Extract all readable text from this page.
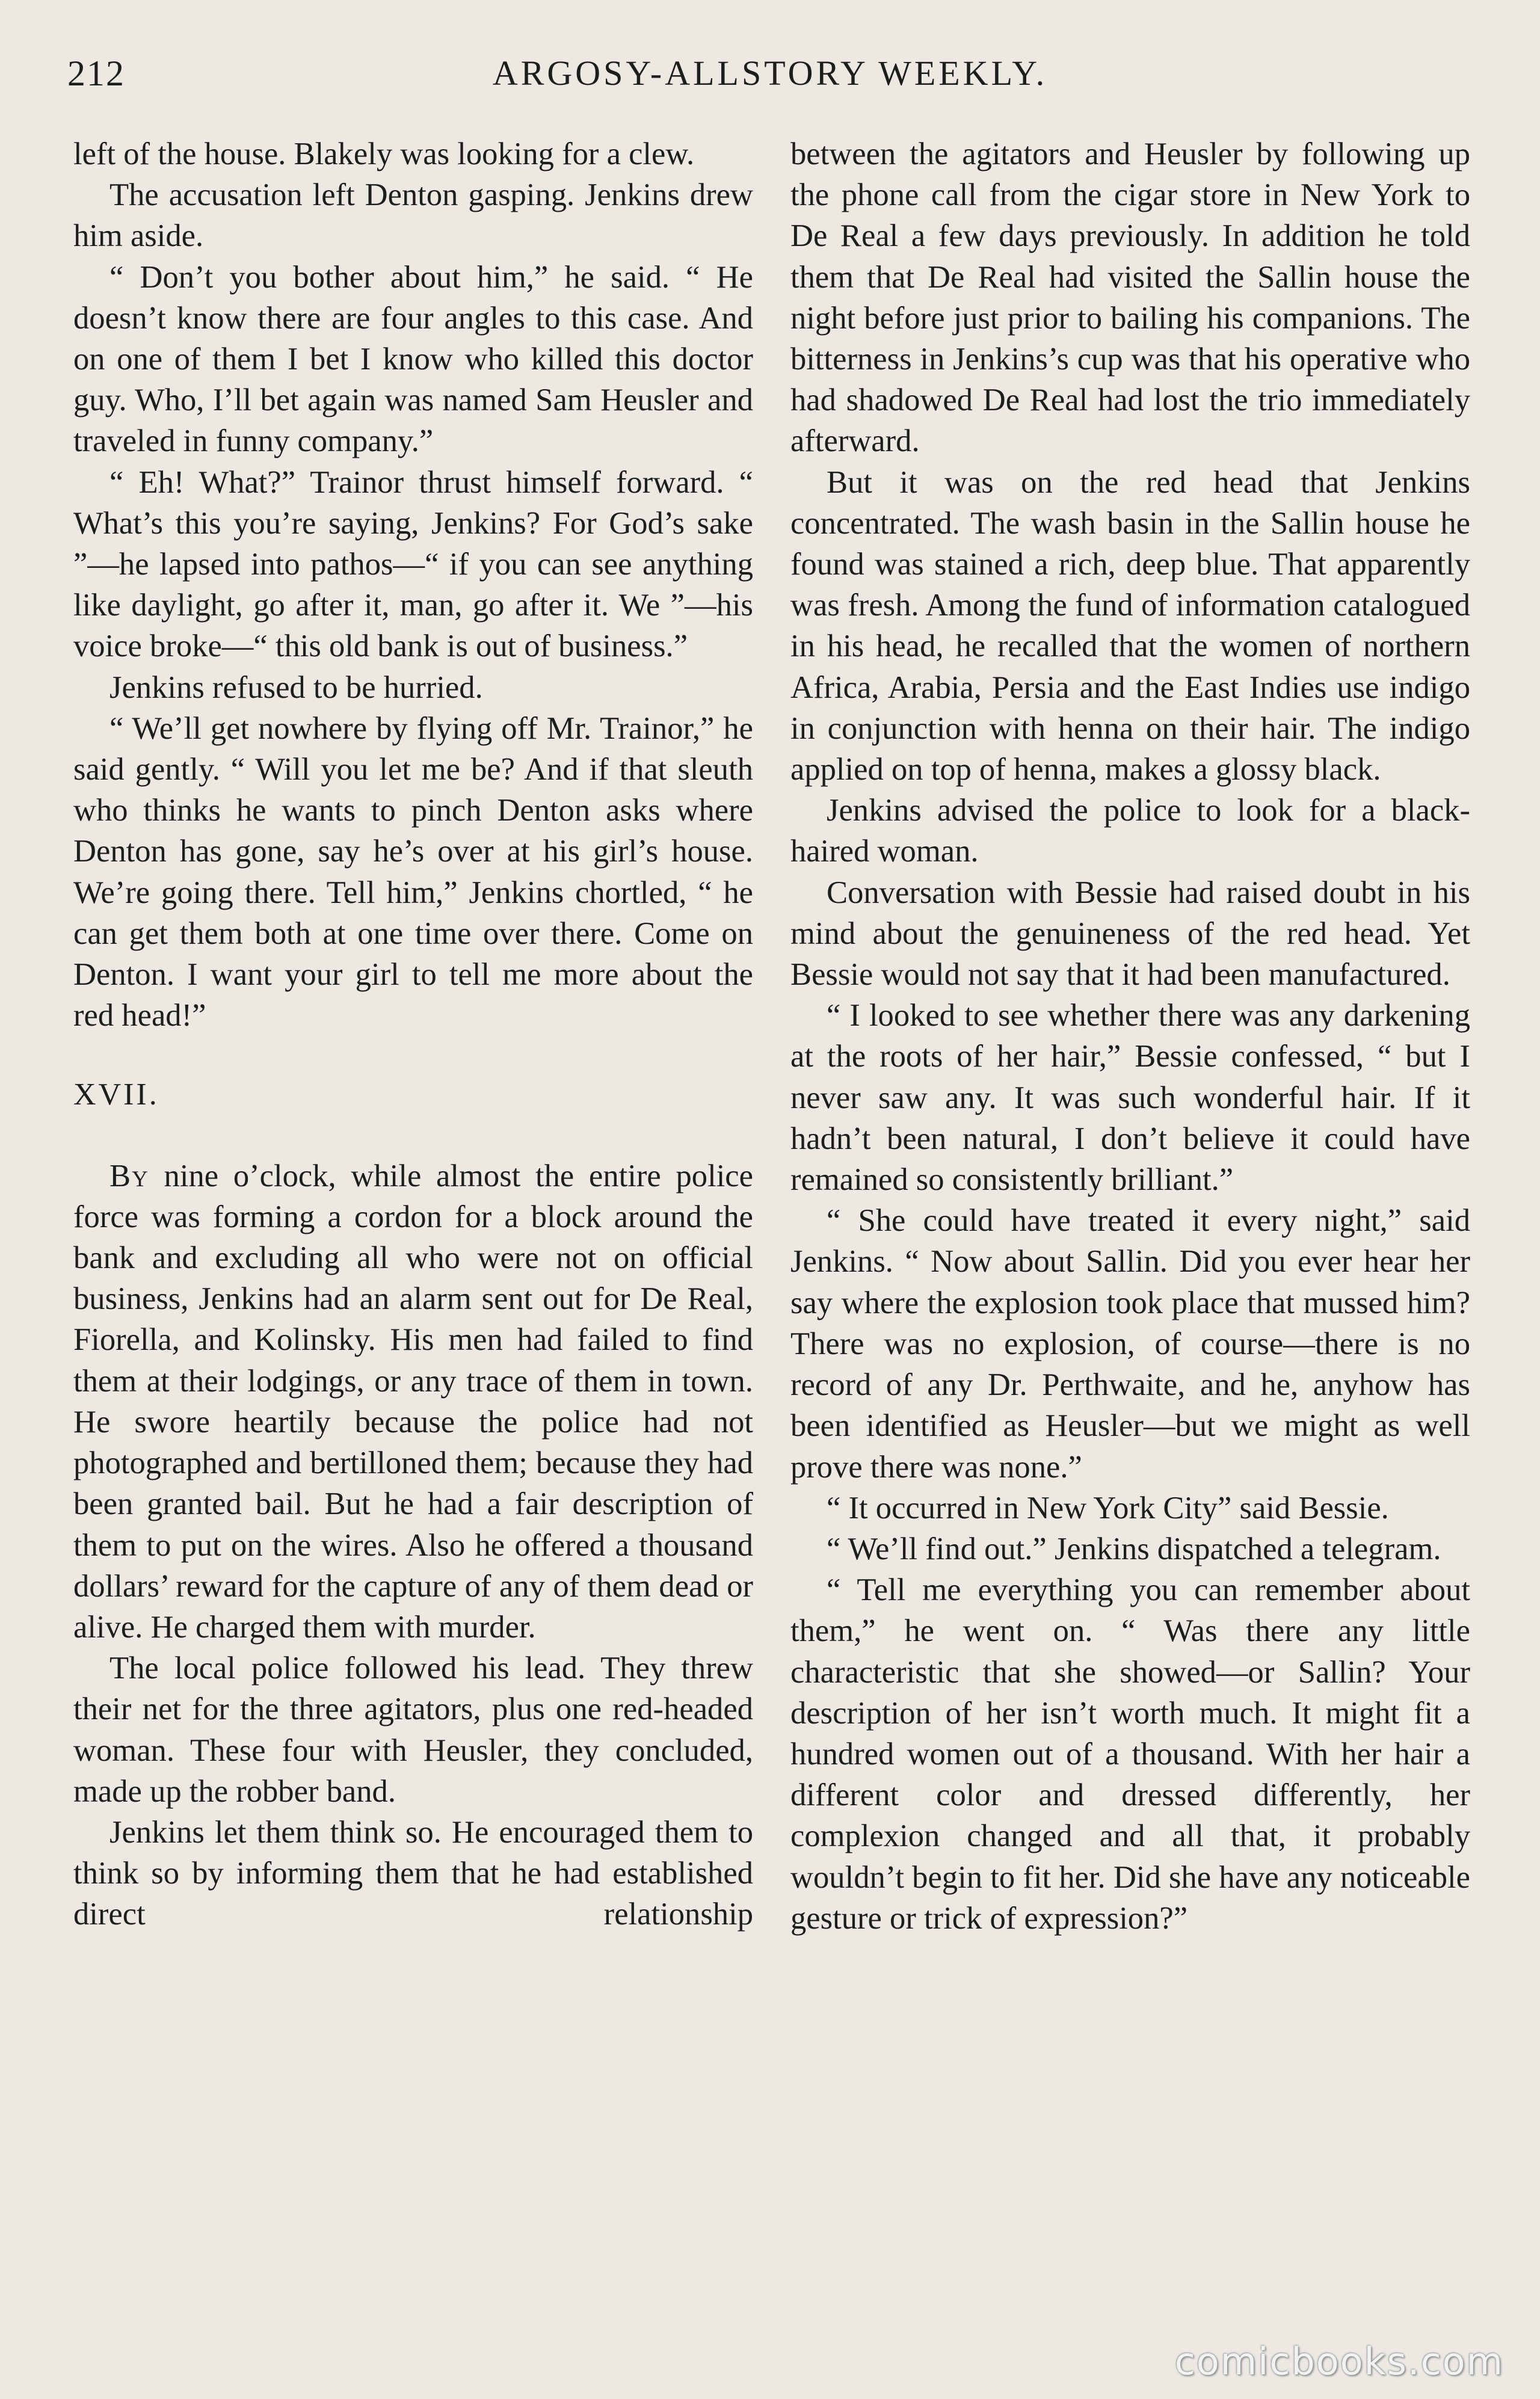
212	ARGOSY-ALLSTORY WEEKLY.

left of the house. Blakely was looking for a clew.

The accusation left Denton gasping. Jenkins drew him aside.

“ Don’t you bother about him,” he said. “ He doesn’t know there are four angles to this case. And on one of them I bet I know who killed this doctor guy. Who, I’ll bet again was named Sam Heusler and traveled in funny company.”

“ Eh! What?” Trainor thrust himself forward. “ What’s this you’re saying, Jenkins? For God’s sake ”—he lapsed into pathos—“ if you can see anything like daylight, go after it, man, go after it. We ”—his voice broke—“ this old bank is out of business.”

Jenkins refused to be hurried.

“ We’ll get nowhere by flying off Mr. Trainor,” he said gently. “ Will you let me be? And if that sleuth who thinks he wants to pinch Denton asks where Denton has gone, say he’s over at his girl’s house. We’re going there. Tell him,” Jenkins chortled, “ he can get them both at one time over there. Come on Denton. I want your girl to tell me more about the red head!”

XVII.

By nine o’clock, while almost the entire police force was forming a cordon for a block around the bank and excluding all who were not on official business, Jenkins had an alarm sent out for De Real, Fiorella, and Kolinsky. His men had failed to find them at their lodgings, or any trace of them in town. He swore heartily because the police had not photographed and bertilloned them; because they had been granted bail. But he had a fair description of them to put on the wires. Also he offered a thousand dollars’ reward for the capture of any of them dead or alive. He charged them with murder.

The local police followed his lead. They threw their net for the three agitators, plus one red-headed woman. These four with Heusler, they concluded, made up the robber band.

Jenkins let them think so. He encouraged them to think so by informing them that he had established direct relationship

between the agitators and Heusler by following up the phone call from the cigar store in New York to De Real a few days previously. In addition he told them that De Real had visited the Sallin house the night before just prior to bailing his companions. The bitterness in Jenkins’s cup was that his operative who had shadowed De Real had lost the trio immediately afterward.

But it was on the red head that Jenkins concentrated. The wash basin in the Sallin house he found was stained a rich, deep blue. That apparently was fresh. Among the fund of information catalogued in his head, he recalled that the women of northern Africa, Arabia, Persia and the East Indies use indigo in conjunction with henna on their hair. The indigo applied on top of henna, makes a glossy black.

Jenkins advised the police to look for a black-haired woman.

Conversation with Bessie had raised doubt in his mind about the genuineness of the red head. Yet Bessie would not say that it had been manufactured.

“ I looked to see whether there was any darkening at the roots of her hair,” Bessie confessed, “ but I never saw any. It was such wonderful hair. If it hadn’t been natural, I don’t believe it could have remained so consistently brilliant.”

“ She could have treated it every night,” said Jenkins. “ Now about Sallin. Did you ever hear her say where the explosion took place that mussed him? There was no explosion, of course—there is no record of any Dr. Perthwaite, and he, anyhow has been identified as Heusler—but we might as well prove there was none.”

“ It occurred in New York City” said Bessie.

“ We’ll find out.” Jenkins dispatched a telegram.

“ Tell me everything you can remember about them,” he went on. “ Was there any little characteristic that she showed—or Sallin? Your description of her isn’t worth much. It might fit a hundred women out of a thousand. With her hair a different color and dressed differently, her complexion changed and all that, it probably wouldn’t begin to fit her. Did she have any noticeable gesture or trick of expression?”

comicbooks.com
